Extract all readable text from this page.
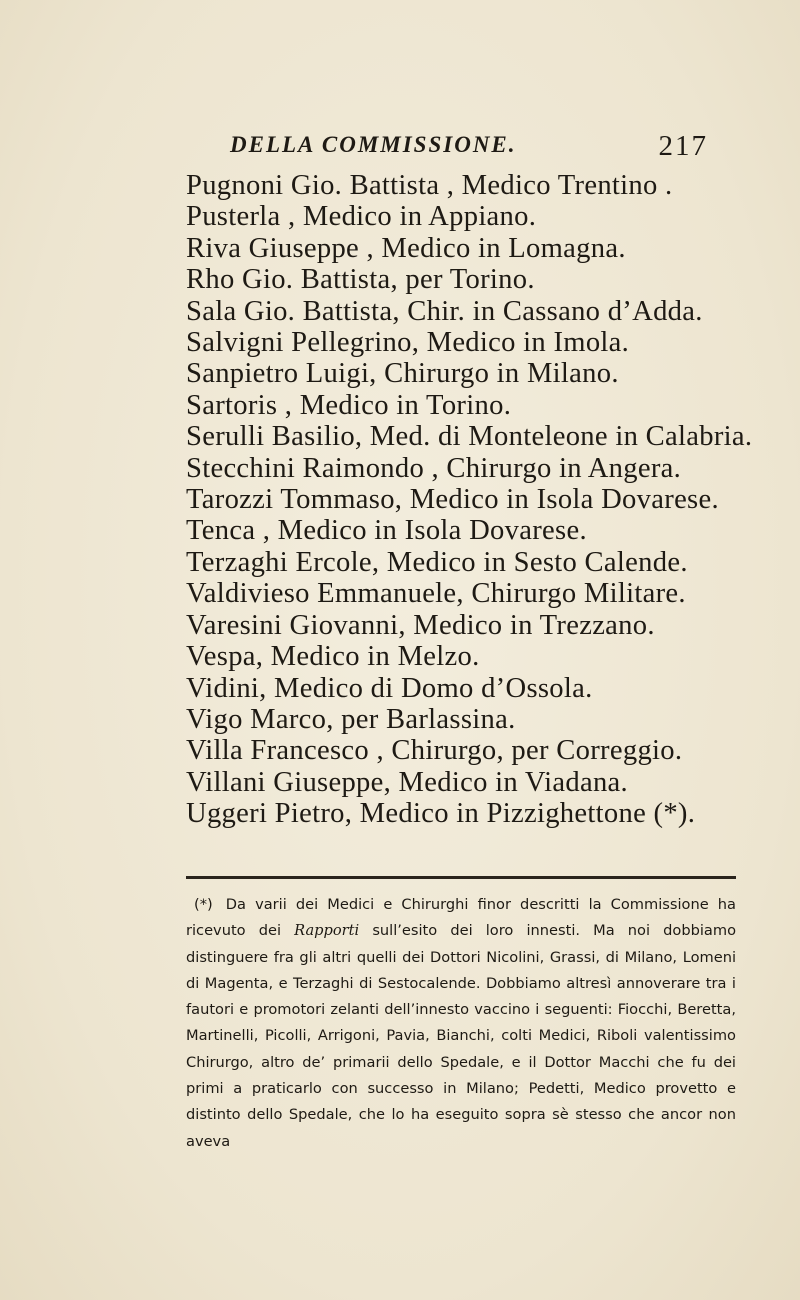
DELLA COMMISSIONE.	217
Pugnoni Gio. Battista , Medico Trentino .
Pusterla , Medico in Appiano.
Riva Giuseppe , Medico in Lomagna.
Rho Gio. Battista, per Torino.
Sala Gio. Battista, Chir. in Cassano d’Adda.
Salvigni Pellegrino, Medico in Imola.
Sanpietro Luigi, Chirurgo in Milano.
Sartoris , Medico in Torino.
Serulli Basilio, Med. di Monteleone in Calabria.
Stecchini Raimondo , Chirurgo in Angera.
Tarozzi Tommaso, Medico in Isola Dovarese.
Tenca , Medico in Isola Dovarese.
Terzaghi Ercole, Medico in Sesto Calende.
Valdivieso Emmanuele, Chirurgo Militare.
Varesini Giovanni, Medico in Trezzano.
Vespa, Medico in Melzo.
Vidini, Medico di Domo d’Ossola.
Vigo Marco, per Barlassina.
Villa Francesco , Chirurgo, per Correggio.
Villani Giuseppe, Medico in Viadana.
Uggeri Pietro, Medico in Pizzighettone (*).

(*) Da varii dei Medici e Chirurghi finor descritti la Commissione ha ricevuto dei Rapporti sull’esito dei loro innesti. Ma noi dobbiamo distinguere fra gli altri quelli dei Dottori Nicolini, Grassi, di Milano, Lomeni di Magenta, e Terzaghi di Sestocalende. Dobbiamo altresì annoverare tra i fautori e promotori zelanti dell’innesto vaccino i seguenti: Fiocchi, Beretta, Martinelli, Picolli, Arrigoni, Pavia, Bianchi, colti Medici, Riboli valentissimo Chirurgo, altro de’ primarii dello Spedale, e il Dottor Macchi che fu dei primi a praticarlo con successo in Milano; Pedetti, Medico provetto e distinto dello Spedale, che lo ha eseguito sopra sè stesso che ancor non aveva
